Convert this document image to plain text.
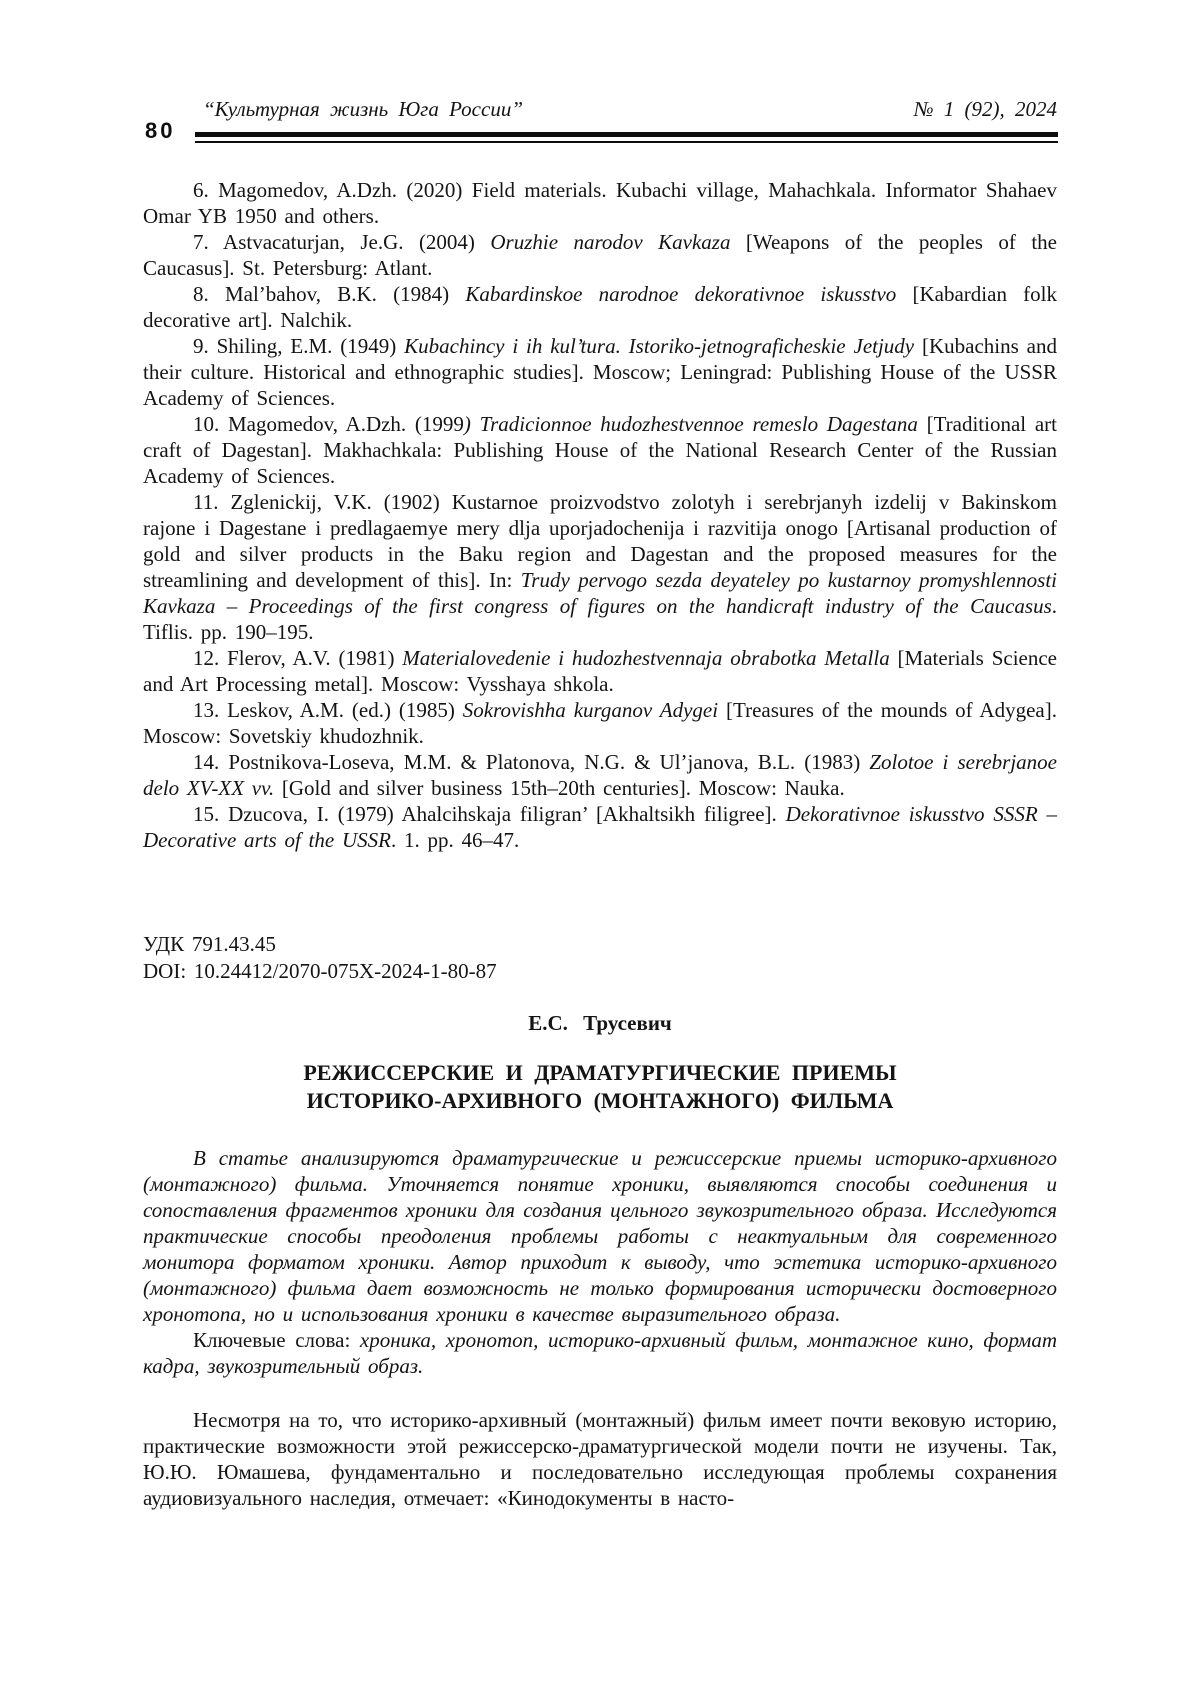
80
“Культурная жизнь Юга России”	№ 1 (92), 2024

6. Magomedov, A.Dzh. (2020) Field materials. Kubachi village, Mahachkala. Informator Shahaev Omar YB 1950 and others.

7. Astvacaturjan, Je.G. (2004) Oruzhie narodov Kavkaza [Weapons of the peoples of the Caucasus]. St. Petersburg: Atlant.

8. Mal’bahov, B.K. (1984) Kabardinskoe narodnoe dekorativnoe iskusstvo [Kabardian folk decorative art]. Nalchik.

9. Shiling, E.M. (1949) Kubachincy i ih kul’tura. Istoriko-jetnograficheskie Jetjudy [Kubachins and their culture. Historical and ethnographic studies]. Moscow; Leningrad: Publishing House of the USSR Academy of Sciences.

10. Magomedov, A.Dzh. (1999) Tradicionnoe hudozhestvennoe remeslo Dagestana [Traditional art craft of Dagestan]. Makhachkala: Publishing House of the National Research Center of the Russian Academy of Sciences.

11. Zglenickij, V.K. (1902) Kustarnoe proizvodstvo zolotyh i serebrjanyh izdelij v Bakinskom rajone i Dagestane i predlagaemye mery dlja uporjadochenija i razvitija onogo [Artisanal production of gold and silver products in the Baku region and Dagestan and the proposed measures for the streamlining and development of this]. In: Trudy pervogo sezda deyateley po kustarnoy promyshlennosti Kavkaza – Proceedings of the first congress of figures on the handicraft industry of the Caucasus. Tiflis. pp. 190–195.

12. Flerov, A.V. (1981) Materialovedenie i hudozhestvennaja obrabotka Metalla [Materials Science and Art Processing metal]. Moscow: Vysshaya shkola.

13. Leskov, A.M. (ed.) (1985) Sokrovishha kurganov Adygei [Treasures of the mounds of Adygea]. Moscow: Sovetskiy khudozhnik.

14. Postnikova-Loseva, M.M. & Platonova, N.G. & Ul’janova, B.L. (1983) Zolotoe i serebrjanoe delo XV-XX vv. [Gold and silver business 15th–20th centuries]. Moscow: Nauka.

15. Dzucova, I. (1979) Ahalcihskaja filigran’ [Akhaltsikh filigree]. Dekorativnoe iskusstvo SSSR – Decorative arts of the USSR. 1. pp. 46–47.

УДК 791.43.45

DOI: 10.24412/2070-075X-2024-1-80-87

Е.С. Трусевич

РЕЖИССЕРСКИЕ И ДРАМАТУРГИЧЕСКИЕ ПРИЕМЫ
ИСТОРИКО-АРХИВНОГО (МОНТАЖНОГО) ФИЛЬМА

В статье анализируются драматургические и режиссерские приемы историко-архивного (монтажного) фильма. Уточняется понятие хроники, выявляются способы соединения и сопоставления фрагментов хроники для создания цельного звукозрительного образа. Исследуются практические способы преодоления проблемы работы с неактуальным для современного монитора форматом хроники. Автор приходит к выводу, что эстетика историко-архивного (монтажного) фильма дает возможность не только формирования исторически достоверного хронотопа, но и использования хроники в качестве выразительного образа.

Ключевые слова: хроника, хронотоп, историко-архивный фильм, монтажное кино, формат кадра, звукозрительный образ.

Несмотря на то, что историко-архивный (монтажный) фильм имеет почти вековую историю, практические возможности этой режиссерско-драматургической модели почти не изучены. Так, Ю.Ю. Юмашева, фундаментально и последовательно исследующая проблемы сохранения аудиовизуального наследия, отмечает: «Кинодокументы в насто-
